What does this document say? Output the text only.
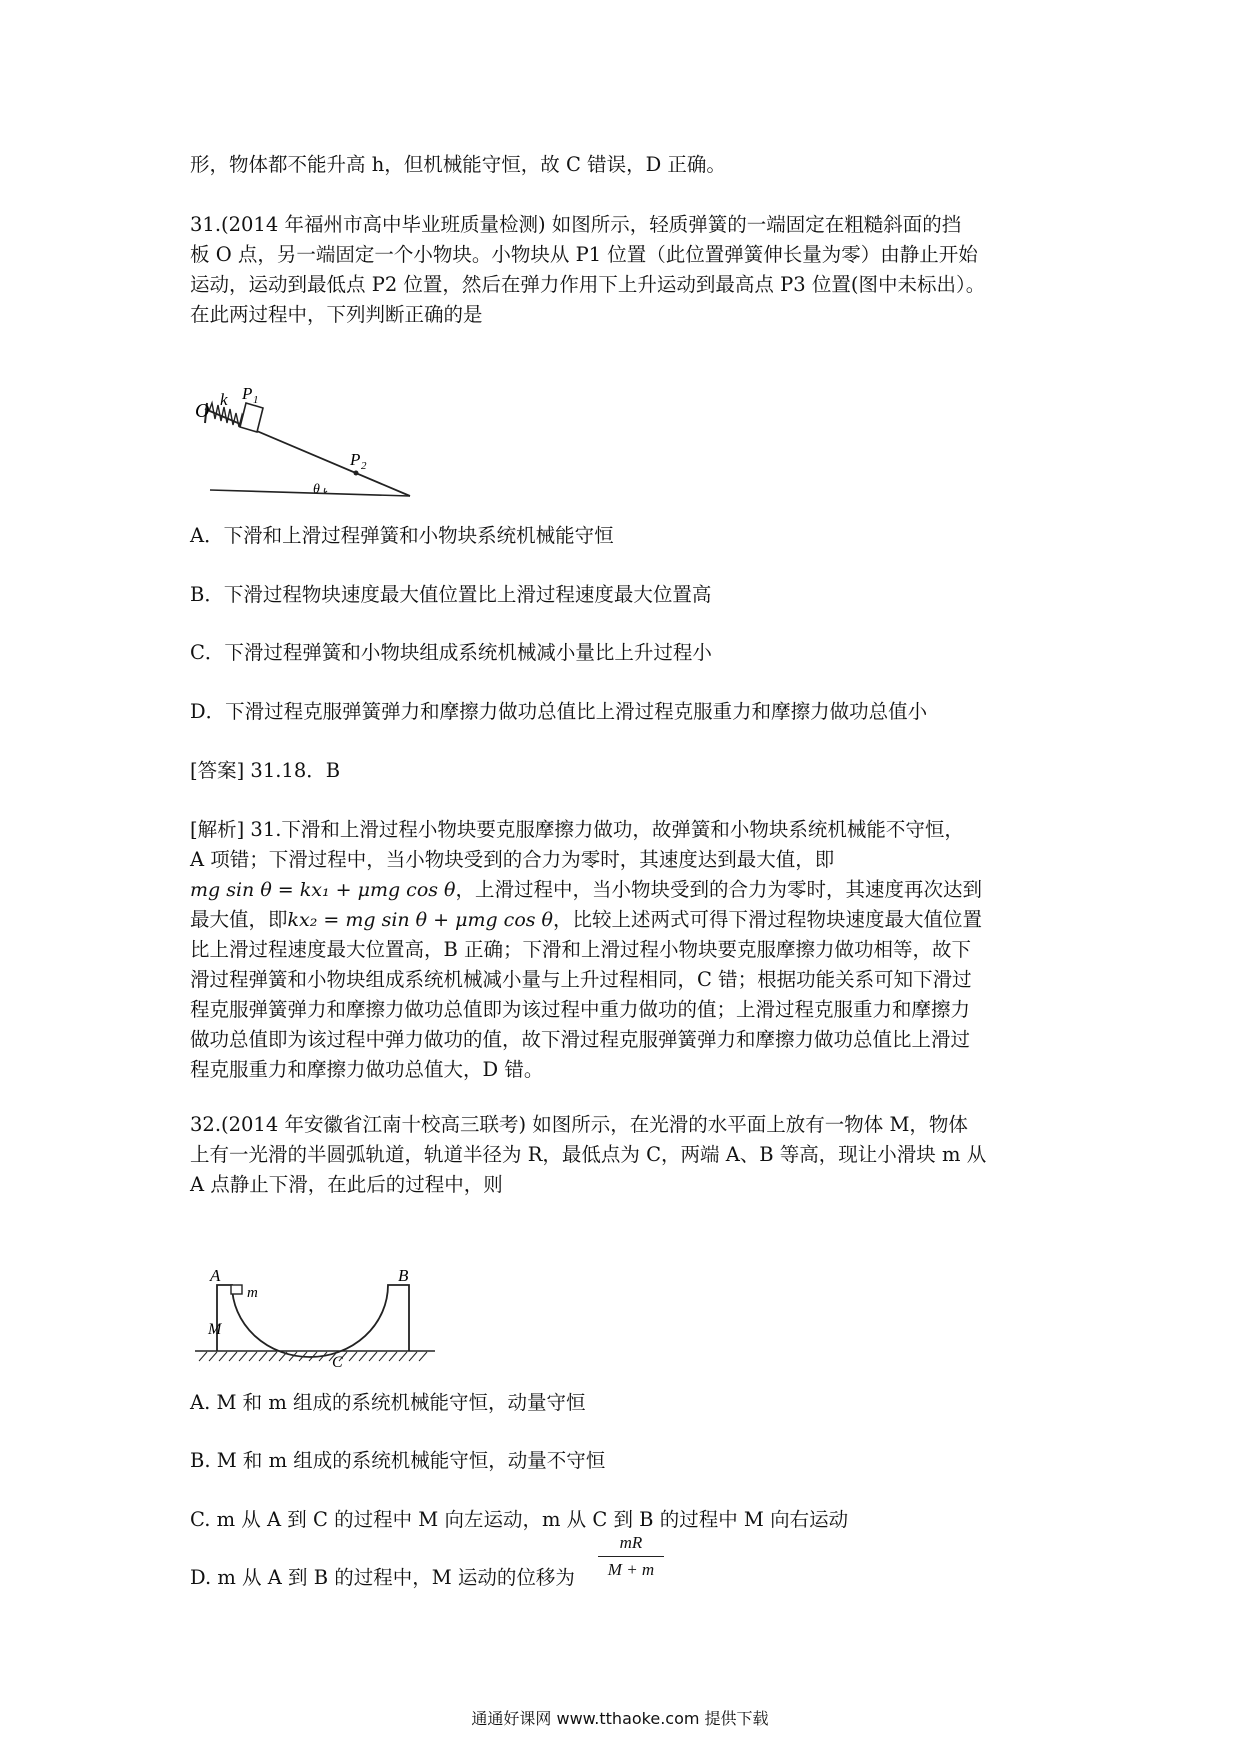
形，物体都不能升高 h，但机械能守恒，故 C 错误，D 正确。
31.(2014 年福州市高中毕业班质量检测) 如图所示，轻质弹簧的一端固定在粗糙斜面的挡
板 O 点，另一端固定一个小物块。小物块从 P1 位置（此位置弹簧伸长量为零）由静止开始
运动，运动到最低点 P2 位置，然后在弹力作用下上升运动到最高点 P3 位置(图中未标出）。
在此两过程中，下列判断正确的是
O
k P 1
P 2
θ
A．下滑和上滑过程弹簧和小物块系统机械能守恒
B．下滑过程物块速度最大值位置比上滑过程速度最大位置高
C．下滑过程弹簧和小物块组成系统机械减小量比上升过程小
D．下滑过程克服弹簧弹力和摩擦力做功总值比上滑过程克服重力和摩擦力做功总值小
[答案] 31.18．B
[解析] 31.下滑和上滑过程小物块要克服摩擦力做功，故弹簧和小物块系统机械能不守恒，
A 项错；下滑过程中，当小物块受到的合力为零时，其速度达到最大值，即
mg sin θ = kx₁ + μmg cos θ，上滑过程中，当小物块受到的合力为零时，其速度再次达到
最大值，即kx₂ = mg sin θ + μmg cos θ，比较上述两式可得下滑过程物块速度最大值位置
比上滑过程速度最大位置高，B 正确；下滑和上滑过程小物块要克服摩擦力做功相等，故下
滑过程弹簧和小物块组成系统机械减小量与上升过程相同，C 错；根据功能关系可知下滑过
程克服弹簧弹力和摩擦力做功总值即为该过程中重力做功的值；上滑过程克服重力和摩擦力
做功总值即为该过程中弹力做功的值，故下滑过程克服弹簧弹力和摩擦力做功总值比上滑过
程克服重力和摩擦力做功总值大，D 错。
32.(2014 年安徽省江南十校高三联考) 如图所示，在光滑的水平面上放有一物体 M，物体
上有一光滑的半圆弧轨道，轨道半径为 R，最低点为 C，两端 A、B 等高，现让小滑块 m 从
A 点静止下滑，在此后的过程中，则
A
m
B
M
C
A. M 和 m 组成的系统机械能守恒，动量守恒
B. M 和 m 组成的系统机械能守恒，动量不守恒
C. m 从 A 到 C 的过程中 M 向左运动，m 从 C 到 B 的过程中 M 向右运动
D. m 从 A 到 B 的过程中，M 运动的位移为
mR
M + m
通通好课网 www.tthaoke.com 提供下载
